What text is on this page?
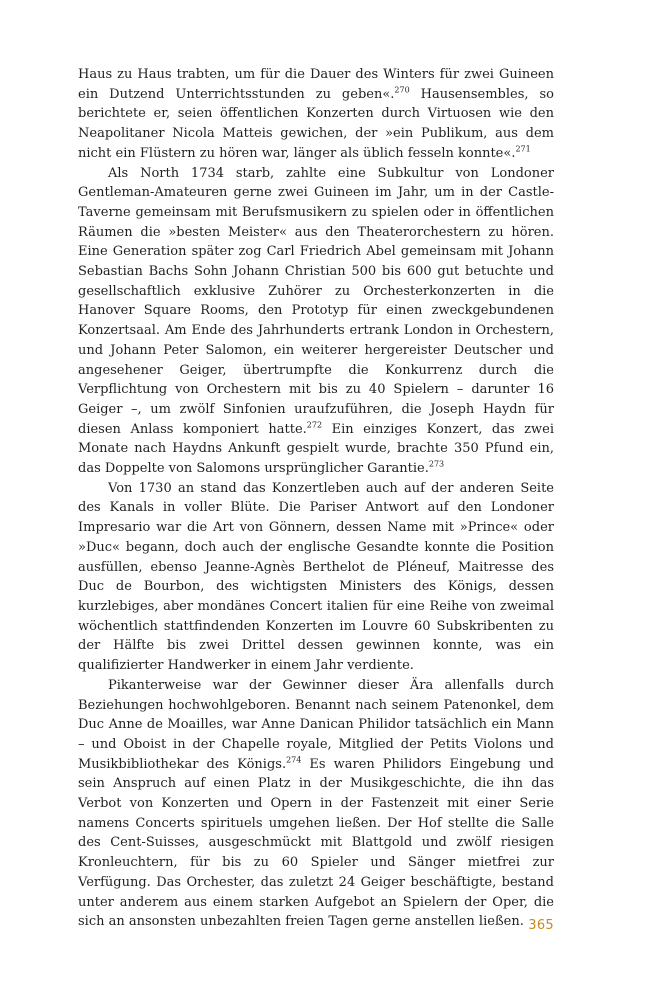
Haus zu Haus trabten, um für die Dauer des Winters für zwei Guineen ein Dutzend Unterrichtsstunden zu geben«.$^{270}$ Hausensembles, so berichtete er, seien öffentlichen Konzerten durch Virtuosen wie den Neapolitaner Nicola Matteis gewichen, der »ein Publikum, aus dem nicht ein Flüstern zu hören war, länger als üblich fesseln konnte«.$^{271}$

Als North 1734 starb, zahlte eine Subkultur von Londoner Gentleman-Amateuren gerne zwei Guineen im Jahr, um in der Castle-Taverne gemeinsam mit Berufsmusikern zu spielen oder in öffentlichen Räumen die »besten Meister« aus den Theaterorchestern zu hören. Eine Generation später zog Carl Friedrich Abel gemeinsam mit Johann Sebastian Bachs Sohn Johann Christian 500 bis 600 gut betuchte und gesellschaftlich exklusive Zuhörer zu Orchesterkonzerten in die Hanover Square Rooms, den Prototyp für einen zweckgebundenen Konzertsaal. Am Ende des Jahrhunderts ertrank London in Orchestern, und Johann Peter Salomon, ein weiterer hergereister Deutscher und angesehener Geiger, übertrumpfte die Konkurrenz durch die Verpflichtung von Orchestern mit bis zu 40 Spielern – darunter 16 Geiger –, um zwölf Sinfonien uraufzuführen, die Joseph Haydn für diesen Anlass komponiert hatte.$^{272}$ Ein einziges Konzert, das zwei Monate nach Haydns Ankunft gespielt wurde, brachte 350 Pfund ein, das Doppelte von Salomons ursprünglicher Garantie.$^{273}$

Von 1730 an stand das Konzertleben auch auf der anderen Seite des Kanals in voller Blüte. Die Pariser Antwort auf den Londoner Impresario war die Art von Gönnern, dessen Name mit »Prince« oder »Duc« begann, doch auch der englische Gesandte konnte die Position ausfüllen, ebenso Jeanne-Agnès Berthelot de Pléneuf, Maitresse des Duc de Bourbon, des wichtigsten Ministers des Königs, dessen kurzlebiges, aber mondänes Concert italien für eine Reihe von zweimal wöchentlich stattfindenden Konzerten im Louvre 60 Subskribenten zu der Hälfte bis zwei Drittel dessen gewinnen konnte, was ein qualifizierter Handwerker in einem Jahr verdiente.

Pikanterweise war der Gewinner dieser Ära allenfalls durch Beziehungen hochwohlgeboren. Benannt nach seinem Patenonkel, dem Duc Anne de Moailles, war Anne Danican Philidor tatsächlich ein Mann – und Oboist in der Chapelle royale, Mitglied der Petits Violons und Musikbibliothekar des Königs.$^{274}$ Es waren Philidors Eingebung und sein Anspruch auf einen Platz in der Musikgeschichte, die ihn das Verbot von Konzerten und Opern in der Fastenzeit mit einer Serie namens Concerts spirituels umgehen ließen. Der Hof stellte die Salle des Cent-Suisses, ausgeschmückt mit Blattgold und zwölf riesigen Kronleuchtern, für bis zu 60 Spieler und Sänger mietfrei zur Verfügung. Das Orchester, das zuletzt 24 Geiger beschäftigte, bestand unter anderem aus einem starken Aufgebot an Spielern der Oper, die sich an ansonsten unbezahlten freien Tagen gerne anstellen ließen. 365
